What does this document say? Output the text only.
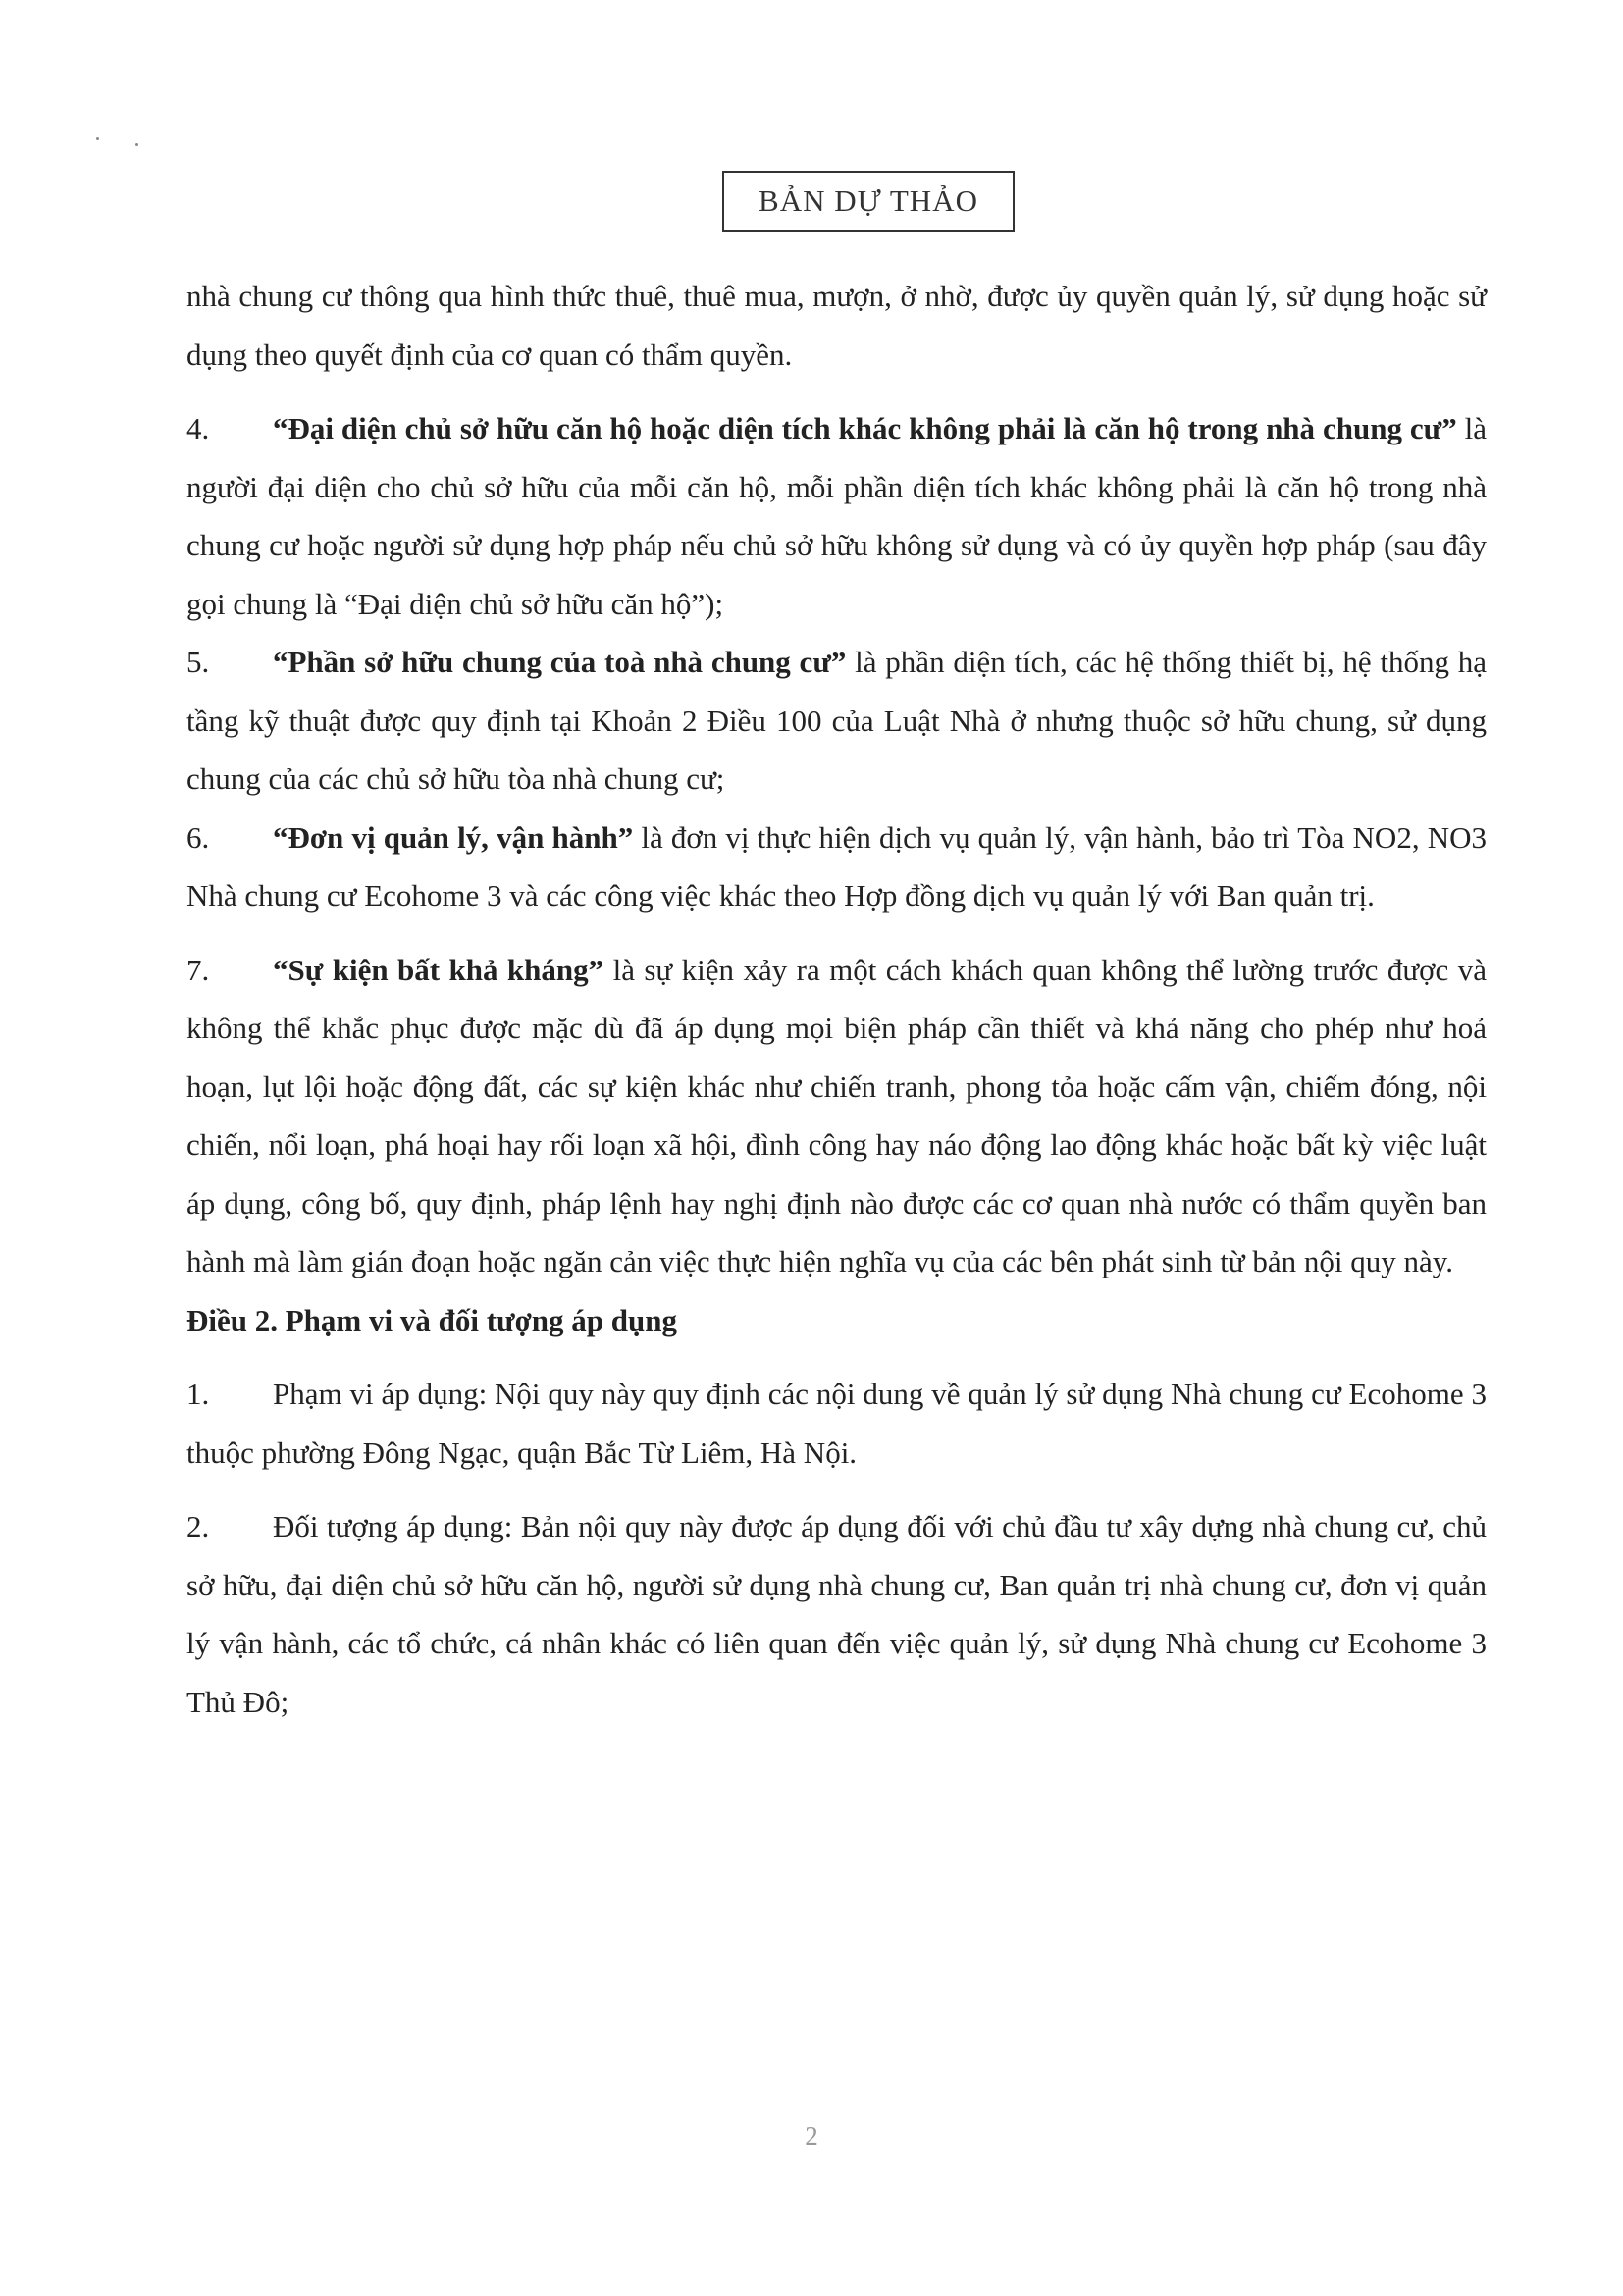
BẢN DỰ THẢO

nhà chung cư thông qua hình thức thuê, thuê mua, mượn, ở nhờ, được ủy quyền quản lý, sử dụng hoặc sử dụng theo quyết định của cơ quan có thẩm quyền.

4. “Đại diện chủ sở hữu căn hộ hoặc diện tích khác không phải là căn hộ trong nhà chung cư” là người đại diện cho chủ sở hữu của mỗi căn hộ, mỗi phần diện tích khác không phải là căn hộ trong nhà chung cư hoặc người sử dụng hợp pháp nếu chủ sở hữu không sử dụng và có ủy quyền hợp pháp (sau đây gọi chung là “Đại diện chủ sở hữu căn hộ”);

5. “Phần sở hữu chung của toà nhà chung cư” là phần diện tích, các hệ thống thiết bị, hệ thống hạ tầng kỹ thuật được quy định tại Khoản 2 Điều 100 của Luật Nhà ở nhưng thuộc sở hữu chung, sử dụng chung của các chủ sở hữu tòa nhà chung cư;

6. “Đơn vị quản lý, vận hành” là đơn vị thực hiện dịch vụ quản lý, vận hành, bảo trì Tòa NO2, NO3 Nhà chung cư Ecohome 3 và các công việc khác theo Hợp đồng dịch vụ quản lý với Ban quản trị.

7. “Sự kiện bất khả kháng” là sự kiện xảy ra một cách khách quan không thể lường trước được và không thể khắc phục được mặc dù đã áp dụng mọi biện pháp cần thiết và khả năng cho phép như hoả hoạn, lụt lội hoặc động đất, các sự kiện khác như chiến tranh, phong tỏa hoặc cấm vận, chiếm đóng, nội chiến, nổi loạn, phá hoại hay rối loạn xã hội, đình công hay náo động lao động khác hoặc bất kỳ việc luật áp dụng, công bố, quy định, pháp lệnh hay nghị định nào được các cơ quan nhà nước có thẩm quyền ban hành mà làm gián đoạn hoặc ngăn cản việc thực hiện nghĩa vụ của các bên phát sinh từ bản nội quy này.

Điều 2. Phạm vi và đối tượng áp dụng

1. Phạm vi áp dụng: Nội quy này quy định các nội dung về quản lý sử dụng Nhà chung cư Ecohome 3 thuộc phường Đông Ngạc, quận Bắc Từ Liêm, Hà Nội.

2. Đối tượng áp dụng: Bản nội quy này được áp dụng đối với chủ đầu tư xây dựng nhà chung cư, chủ sở hữu, đại diện chủ sở hữu căn hộ, người sử dụng nhà chung cư, Ban quản trị nhà chung cư, đơn vị quản lý vận hành, các tổ chức, cá nhân khác có liên quan đến việc quản lý, sử dụng Nhà chung cư Ecohome 3 Thủ Đô;

2
